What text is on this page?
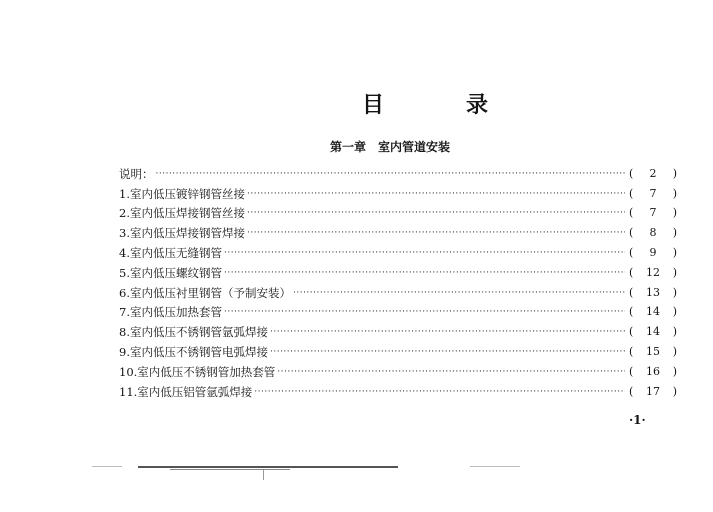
目　录
第一章 室内管道安装
说明： ·····	(	2	)
1.室内低压镀锌钢管丝接 ·····	(	7	)
2.室内低压焊接钢管丝接 ·····	(	7	)
3.室内低压焊接钢管焊接 ·····	(	8	)
4.室内低压无缝钢管 ·····	(	9	)
5.室内低压螺纹钢管 ·····	(	12	)
6.室内低压衬里钢管（予制安装） ·····	(	13	)
7.室内低压加热套管 ·····	(	14	)
8.室内低压不锈钢管氩弧焊接 ·····	(	14	)
9.室内低压不锈钢管电弧焊接 ·····	(	15	)
10.室内低压不锈钢管加热套管 ·····	(	16	)
11.室内低压铝管氩弧焊接 ·····	(	17	)
·1·
